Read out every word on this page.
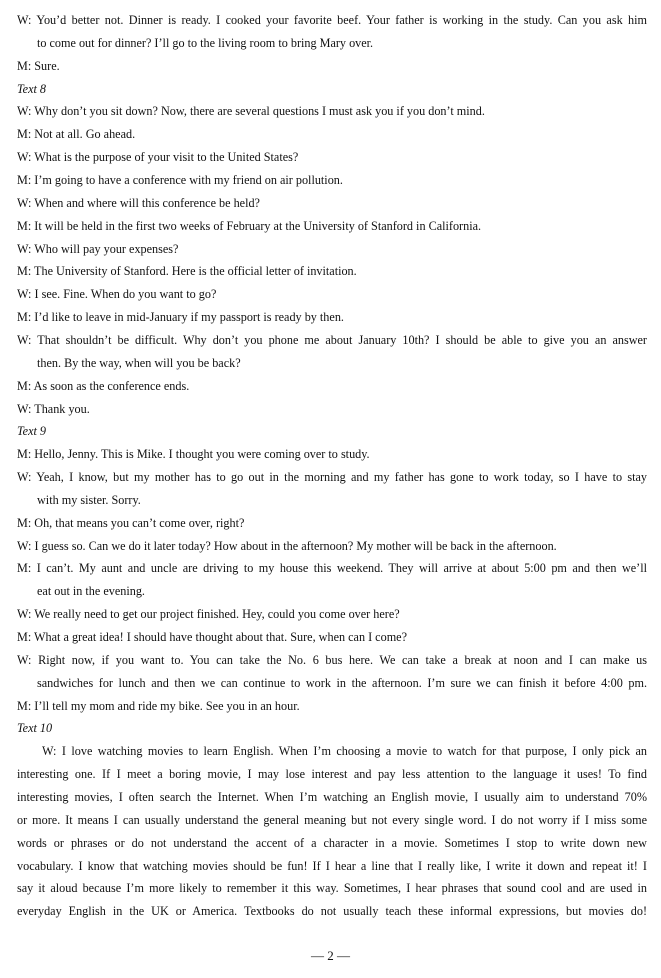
W: You’d better not. Dinner is ready. I cooked your favorite beef. Your father is working in the study. Can you ask him
to come out for dinner? I’ll go to the living room to bring Mary over.
M: Sure.
Text 8
W: Why don’t you sit down? Now, there are several questions I must ask you if you don’t mind.
M: Not at all. Go ahead.
W: What is the purpose of your visit to the United States?
M: I’m going to have a conference with my friend on air pollution.
W: When and where will this conference be held?
M: It will be held in the first two weeks of February at the University of Stanford in California.
W: Who will pay your expenses?
M: The University of Stanford. Here is the official letter of invitation.
W: I see. Fine. When do you want to go?
M: I’d like to leave in mid-January if my passport is ready by then.
W: That shouldn’t be difficult. Why don’t you phone me about January 10th? I should be able to give you an answer
then. By the way, when will you be back?
M: As soon as the conference ends.
W: Thank you.
Text 9
M: Hello, Jenny. This is Mike. I thought you were coming over to study.
W: Yeah, I know, but my mother has to go out in the morning and my father has gone to work today, so I have to stay
with my sister. Sorry.
M: Oh, that means you can’t come over, right?
W: I guess so. Can we do it later today? How about in the afternoon? My mother will be back in the afternoon.
M: I can’t. My aunt and uncle are driving to my house this weekend. They will arrive at about 5:00 pm and then we’ll
eat out in the evening.
W: We really need to get our project finished. Hey, could you come over here?
M: What a great idea! I should have thought about that. Sure, when can I come?
W: Right now, if you want to. You can take the No. 6 bus here. We can take a break at noon and I can make us
sandwiches for lunch and then we can continue to work in the afternoon. I’m sure we can finish it before 4:00 pm.
M: I’ll tell my mom and ride my bike. See you in an hour.
Text 10
W: I love watching movies to learn English. When I’m choosing a movie to watch for that purpose, I only pick an
interesting one. If I meet a boring movie, I may lose interest and pay less attention to the language it uses! To find
interesting movies, I often search the Internet. When I’m watching an English movie, I usually aim to understand 70%
or more. It means I can usually understand the general meaning but not every single word. I do not worry if I miss some
words or phrases or do not understand the accent of a character in a movie. Sometimes I stop to write down new
vocabulary. I know that watching movies should be fun! If I hear a line that I really like, I write it down and repeat it! I
say it aloud because I’m more likely to remember it this way. Sometimes, I hear phrases that sound cool and are used in
everyday English in the UK or America. Textbooks do not usually teach these informal expressions, but movies do!
— 2 —
